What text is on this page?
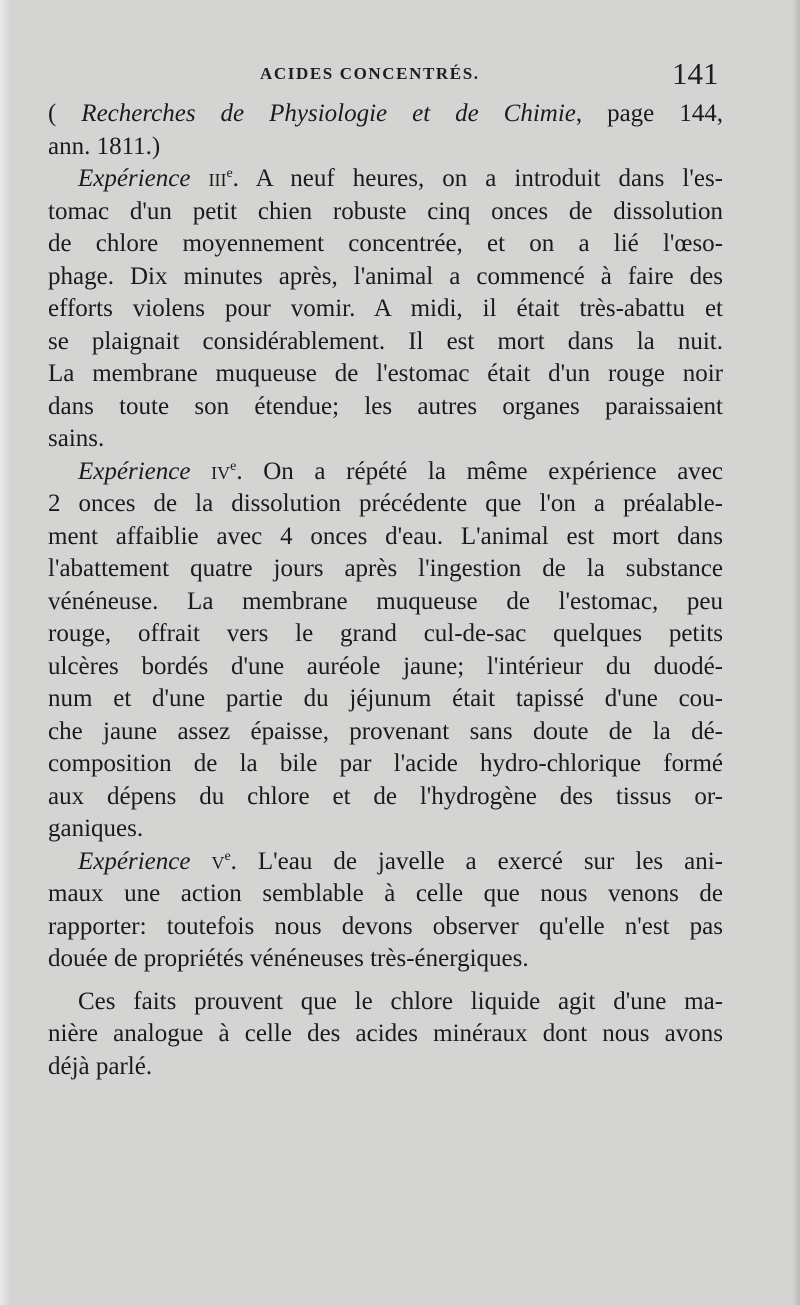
ACIDES CONCENTRÉS.	141
( Recherches de Physiologie et de Chimie, page 144,
ann. 1811.)
Expérience iii$^e$. A neuf heures, on a introduit dans l'es-
tomac d'un petit chien robuste cinq onces de dissolution
de chlore moyennement concentrée, et on a lié l'œso-
phage. Dix minutes après, l'animal a commencé à faire des
efforts violens pour vomir. A midi, il était très-abattu et
se plaignait considérablement. Il est mort dans la nuit.
La membrane muqueuse de l'estomac était d'un rouge noir
dans toute son étendue; les autres organes paraissaient
sains.
Expérience $iv^e$. On a répété la même expérience avec
2 onces de la dissolution précédente que l'on a préalable-
ment affaiblie avec 4 onces d'eau. L'animal est mort dans
l'abattement quatre jours après l'ingestion de la substance
vénéneuse. La membrane muqueuse de l'estomac, peu
rouge, offrait vers le grand cul-de-sac quelques petits
ulcères bordés d'une auréole jaune; l'intérieur du duodé-
num et d'une partie du jéjunum était tapissé d'une cou-
che jaune assez épaisse, provenant sans doute de la dé-
composition de la bile par l'acide hydro-chlorique formé
aux dépens du chlore et de l'hydrogène des tissus or-
ganiques.
Expérience $v^e$. L'eau de javelle a exercé sur les ani-
maux une action semblable à celle que nous venons de
rapporter: toutefois nous devons observer qu'elle n'est pas
douée de propriétés vénéneuses très-énergiques.
Ces faits prouvent que le chlore liquide agit d'une ma-
nière analogue à celle des acides minéraux dont nous avons
déjà parlé.
